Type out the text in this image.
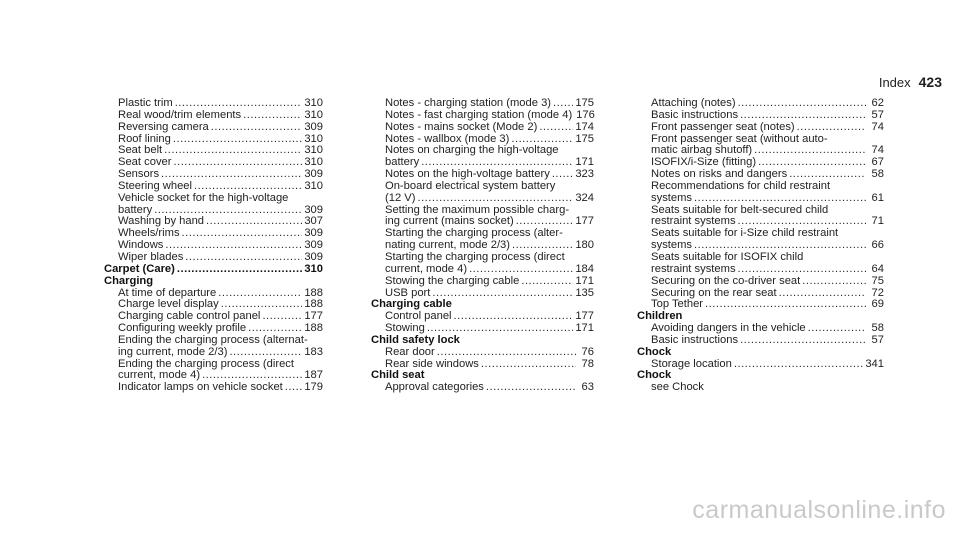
Index 423
Plastic trim .....	310
Real wood/trim elements .....	310
Reversing camera .....	309
Roof lining .....	310
Seat belt .....	310
Seat cover .....	310
Sensors .....	309
Steering wheel .....	310
Vehicle socket for the high-voltage
battery .....	309
Washing by hand .....	307
Wheels/rims .....	309
Windows .....	309
Wiper blades .....	309
Carpet (Care) .....	310
Charging
At time of departure .....	188
Charge level display .....	188
Charging cable control panel .....	177
Configuring weekly profile .....	188
Ending the charging process (alternat-
ing current, mode 2/3) .....	183
Ending the charging process (direct
current, mode 4) .....	187
Indicator lamps on vehicle socket ..... 179
Notes - charging station (mode 3) ..... 175
Notes - fast charging station (mode 4) 176
Notes - mains socket (Mode 2) .....	174
Notes - wallbox (mode 3) .....	175
Notes on charging the high-voltage
battery .....	171
Notes on the high-voltage battery ..... 323
On-board electrical system battery
(12 V) .....	324
Setting the maximum possible charg-
ing current (mains socket) .....	177
Starting the charging process (alter-
nating current, mode 2/3) .....	180
Starting the charging process (direct
current, mode 4) .....	184
Stowing the charging cable .....	171
USB port .....	135
Charging cable
Control panel .....	177
Stowing .....	171
Child safety lock
Rear door .....	76
Rear side windows .....	78
Child seat
Approval categories .....	63
Attaching (notes) .....	62
Basic instructions .....	57
Front passenger seat (notes) .....	74
Front passenger seat (without auto-
matic airbag shutoff) .....	74
ISOFIX/i-Size (fitting) .....	67
Notes on risks and dangers .....	58
Recommendations for child restraint
systems .....	61
Seats suitable for belt-secured child
restraint systems .....	71
Seats suitable for i-Size child restraint
systems .....	66
Seats suitable for ISOFIX child
restraint systems .....	64
Securing on the co-driver seat .....	75
Securing on the rear seat .....	72
Top Tether .....	69
Children
Avoiding dangers in the vehicle .....	58
Basic instructions .....	57
Chock
Storage location .....	341
Chock
see Chock
carmanualsonline.info
